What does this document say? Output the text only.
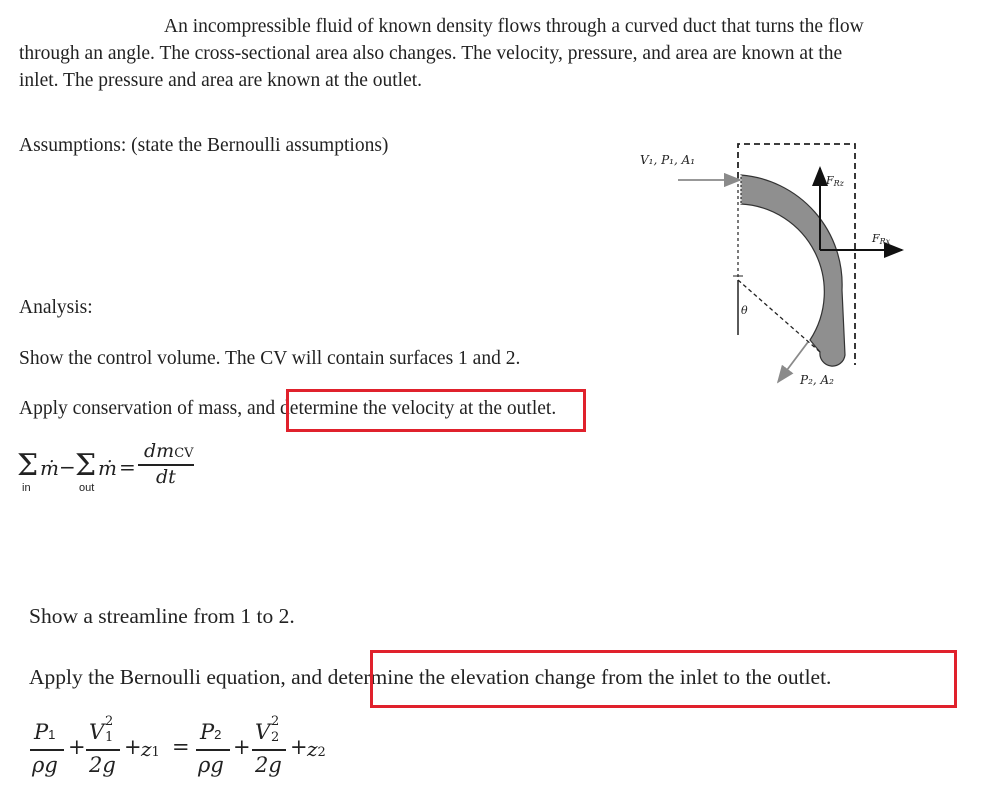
An incompressible fluid of known density flows through a curved duct that turns the flow
through an angle. The cross-sectional area also changes. The velocity, pressure, and area are known at the
inlet. The pressure and area are known at the outlet.
Assumptions: (state the Bernoulli assumptions)
Analysis:
Show the control volume. The CV will contain surfaces 1 and 2.
Apply conservation of mass, and determine the velocity at the outlet.
Σ ṁ
in
− Σ ṁ
out
=
dmCV
dt
Show a streamline from 1 to 2.
Apply the Bernoulli equation, and determine the elevation change from the inlet to the outlet.
P1
ρg
+
V 2
1
2g
+ z1 =
P2
ρg
+
V 2
2
2g
+ z2
V₁, P₁, A₁
P₂, A₂
θ
FRz
FRx
